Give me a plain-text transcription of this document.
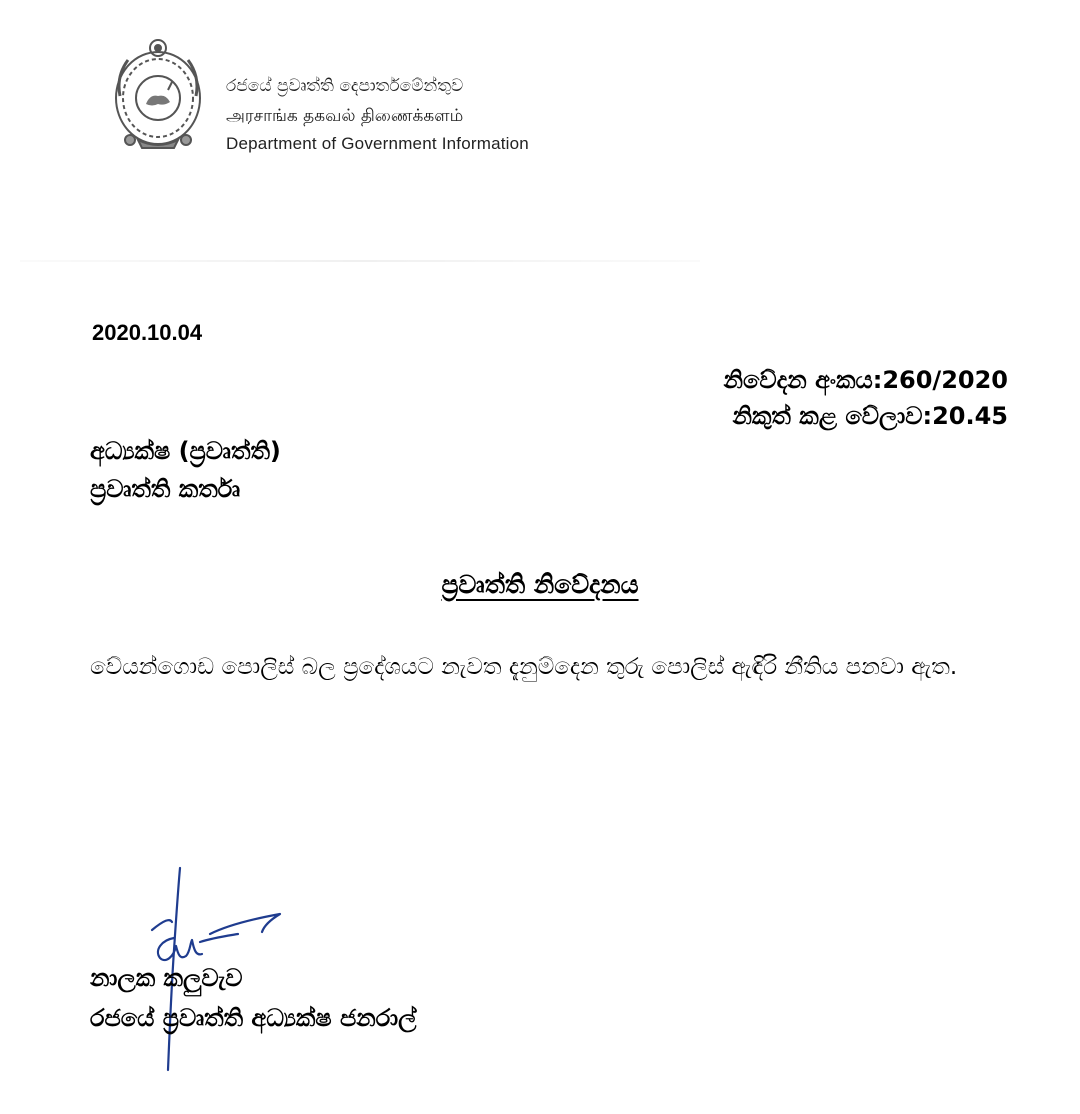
රජයේ ප්‍රවෘත්ති දෙපාර්තමේන්තුව
அரசாங்க தகவல் திணைக்களம்
Department of Government Information
2020.10.04
නිවේදන අංකය:260/2020
නිකුත් කළ වේලාව:20.45
අධ්‍යක්ෂ (ප්‍රවෘත්ති)
ප්‍රවෘත්ති කර්තෘ
ප්‍රවෘත්ති නිවේදනය
වේයන්ගොඩ පොලිස් බල ප්‍රදේශයට නැවත දැනුම්දෙන තුරු පොලිස් ඇඳිරි නීතිය පනවා ඇත.
නාලක කලුවැව
රජයේ ප්‍රවෘත්ති අධ්‍යක්ෂ ජනරාල්
